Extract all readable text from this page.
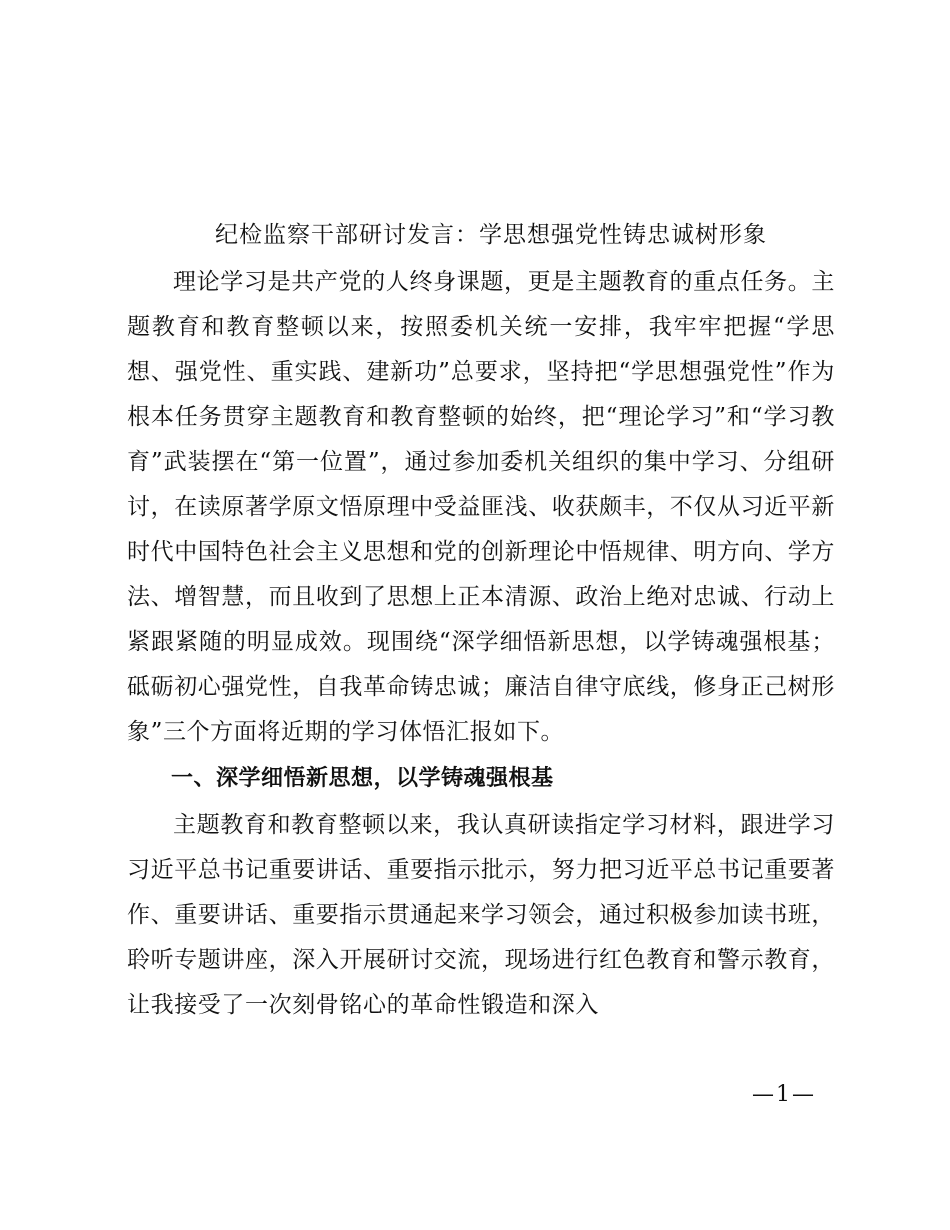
纪检监察干部研讨发言：学思想强党性铸忠诚树形象

理论学习是共产党的人终身课题，更是主题教育的重点任务。主题教育和教育整顿以来，按照委机关统一安排，我牢牢把握“学思想、强党性、重实践、建新功”总要求，坚持把“学思想强党性”作为根本任务贯穿主题教育和教育整顿的始终，把“理论学习”和“学习教育”武装摆在“第一位置”，通过参加委机关组织的集中学习、分组研讨，在读原著学原文悟原理中受益匪浅、收获颇丰，不仅从习近平新时代中国特色社会主义思想和党的创新理论中悟规律、明方向、学方法、增智慧，而且收到了思想上正本清源、政治上绝对忠诚、行动上紧跟紧随的明显成效。现围绕“深学细悟新思想，以学铸魂强根基；砥砺初心强党性，自我革命铸忠诚；廉洁自律守底线，修身正己树形象”三个方面将近期的学习体悟汇报如下。

一、深学细悟新思想，以学铸魂强根基

主题教育和教育整顿以来，我认真研读指定学习材料，跟进学习习近平总书记重要讲话、重要指示批示，努力把习近平总书记重要著作、重要讲话、重要指示贯通起来学习领会，通过积极参加读书班，聆听专题讲座，深入开展研讨交流，现场进行红色教育和警示教育，让我接受了一次刻骨铭心的革命性锻造和深入

—1—
